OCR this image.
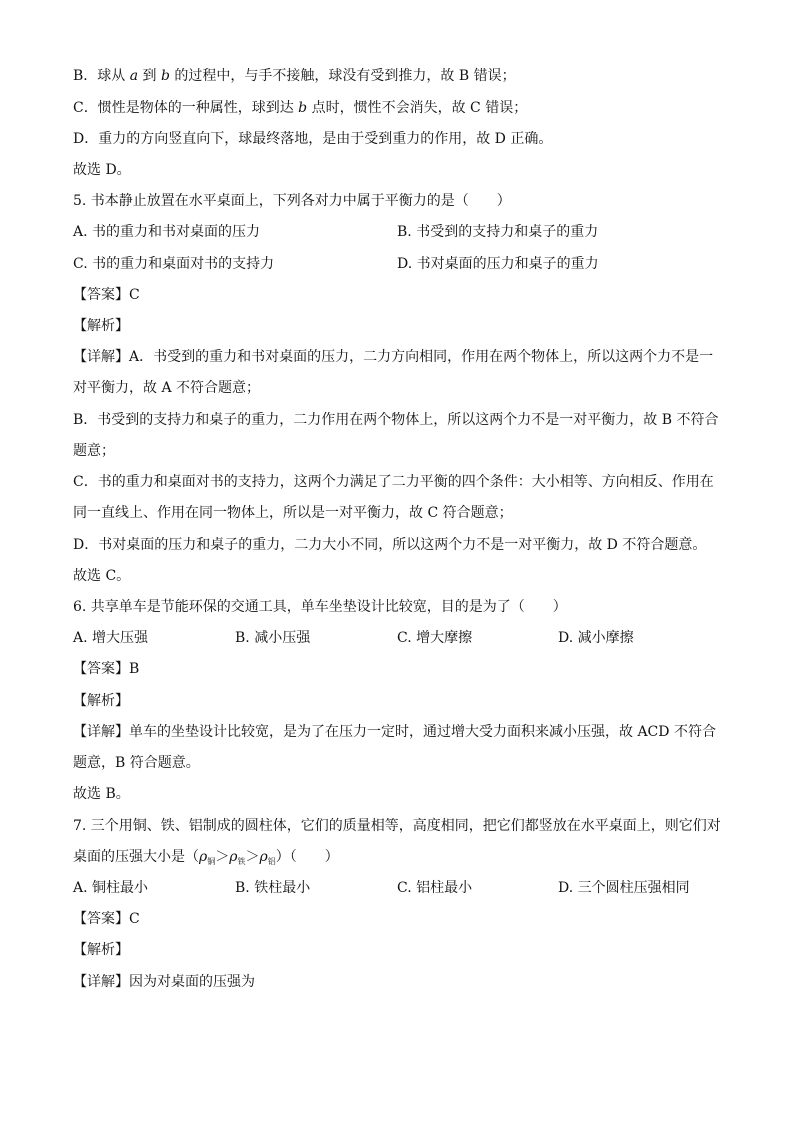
B．球从 a 到 b 的过程中，与手不接触，球没有受到推力，故 B 错误；
C．惯性是物体的一种属性，球到达 b 点时，惯性不会消失，故 C 错误；
D．重力的方向竖直向下，球最终落地，是由于受到重力的作用，故 D 正确。
故选 D。
5. 书本静止放置在水平桌面上，下列各对力中属于平衡力的是（　　）
A. 书的重力和书对桌面的压力	B. 书受到的支持力和桌子的重力
C. 书的重力和桌面对书的支持力	D. 书对桌面的压力和桌子的重力
【答案】C
【解析】
【详解】A．书受到的重力和书对桌面的压力，二力方向相同，作用在两个物体上，所以这两个力不是一
对平衡力，故 A 不符合题意；
B．书受到的支持力和桌子的重力，二力作用在两个物体上，所以这两个力不是一对平衡力，故 B 不符合
题意；
C．书的重力和桌面对书的支持力，这两个力满足了二力平衡的四个条件：大小相等、方向相反、作用在
同一直线上、作用在同一物体上，所以是一对平衡力，故 C 符合题意；
D．书对桌面的压力和桌子的重力，二力大小不同，所以这两个力不是一对平衡力，故 D 不符合题意。
故选 C。
6. 共享单车是节能环保的交通工具，单车坐垫设计比较宽，目的是为了（　　）
A. 增大压强	B. 减小压强	C. 增大摩擦	D. 减小摩擦
【答案】B
【解析】
【详解】单车的坐垫设计比较宽，是为了在压力一定时，通过增大受力面积来减小压强，故 ACD 不符合
题意，B 符合题意。
故选 B。
7. 三个用铜、铁、铝制成的圆柱体，它们的质量相等，高度相同，把它们都竖放在水平桌面上，则它们对
桌面的压强大小是$(\rho_铜>\rho_铁>\rho_铝)$（　　）
A. 铜柱最小	B. 铁柱最小	C. 铝柱最小	D. 三个圆柱压强相同
【答案】C
【解析】
【详解】因为对桌面的压强为
